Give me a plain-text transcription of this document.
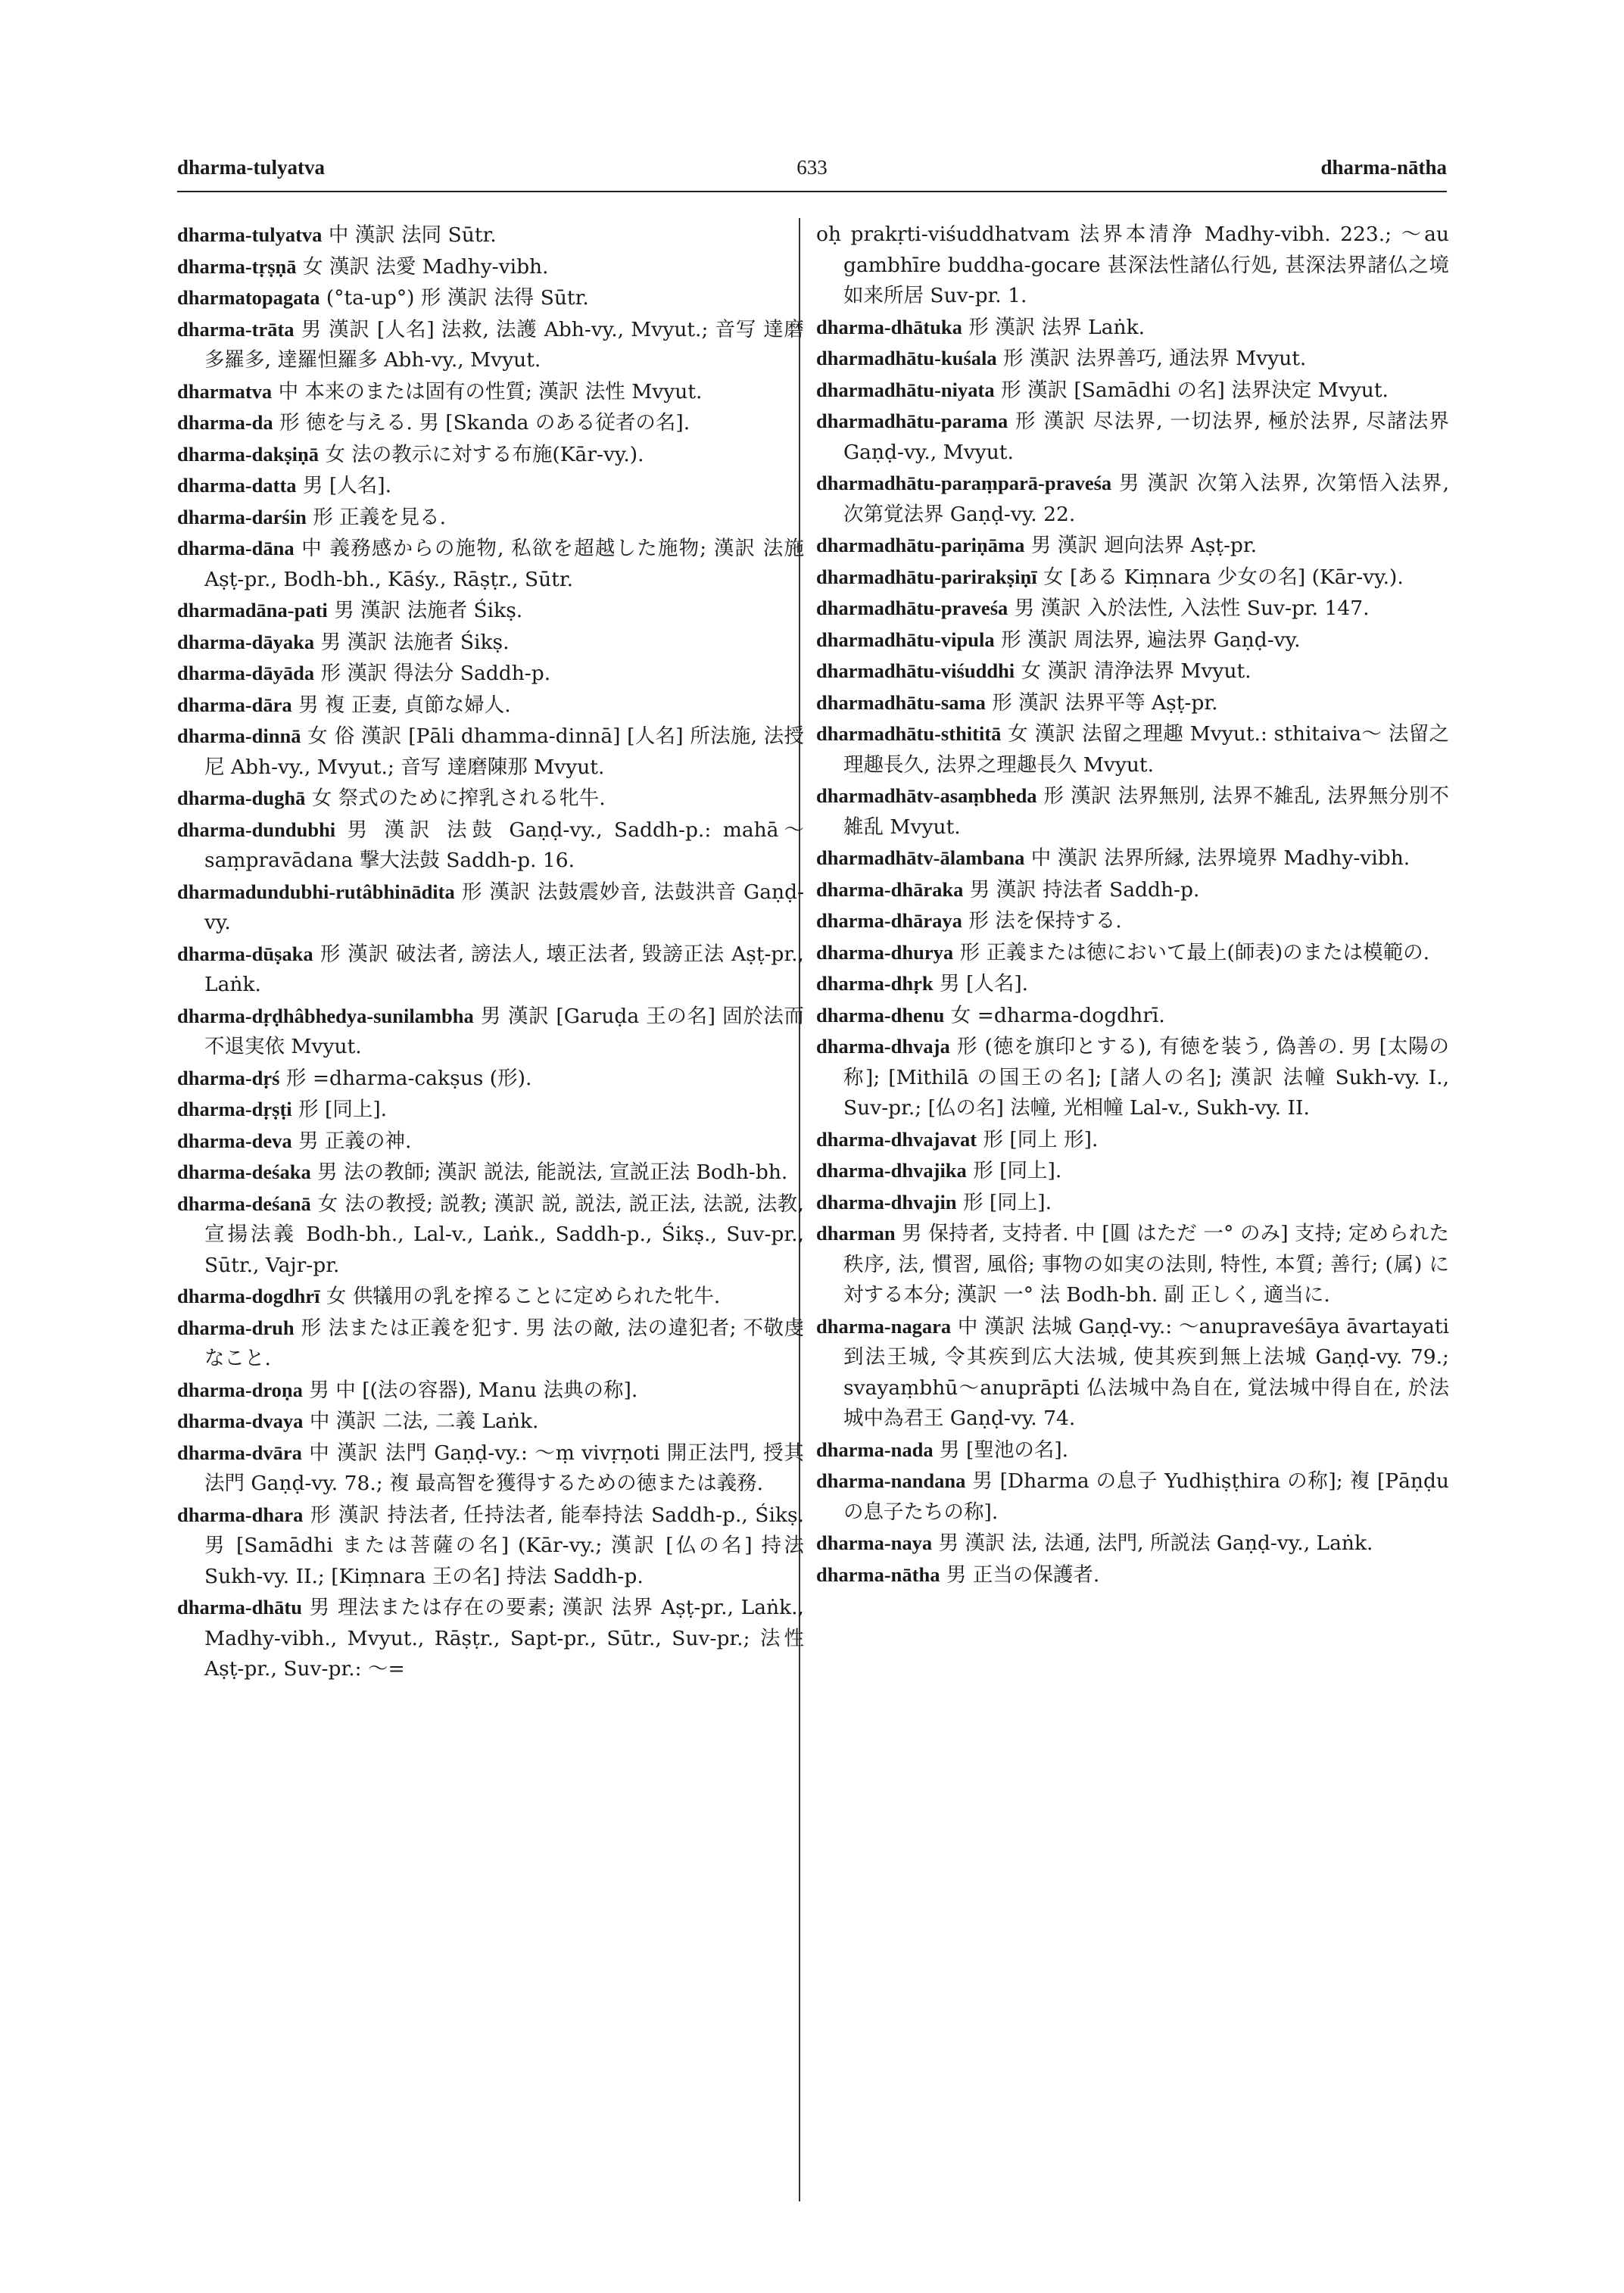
dharma-tulyatva	633	dharma-nātha

dharma-tulyatva 中 漢訳 法同 Sūtr.

dharma-tṛṣṇā 女 漢訳 法愛 Madhy-vibh.

dharmatopagata (°ta-up°) 形 漢訳 法得 Sūtr.

dharma-trāta 男 漢訳 [人名] 法救, 法護 Abh-vy., Mvyut.; 音写 達磨多羅多, 達羅怛羅多 Abh-vy., Mvyut.

dharmatva 中 本来のまたは固有の性質; 漢訳 法性 Mvyut.

dharma-da 形 徳を与える. 男 [Skanda のある従者の名].

dharma-dakṣiṇā 女 法の教示に対する布施(Kār-vy.).

dharma-datta 男 [人名].

dharma-darśin 形 正義を見る.

dharma-dāna 中 義務感からの施物, 私欲を超越した施物; 漢訳 法施 Aṣṭ-pr., Bodh-bh., Kāśy., Rāṣṭr., Sūtr.

dharmadāna-pati 男 漢訳 法施者 Śikṣ.

dharma-dāyaka 男 漢訳 法施者 Śikṣ.

dharma-dāyāda 形 漢訳 得法分 Saddh-p.

dharma-dāra 男 複 正妻, 貞節な婦人.

dharma-dinnā 女 俗 漢訳 [Pāli dhamma-dinnā] [人名] 所法施, 法授尼 Abh-vy., Mvyut.; 音写 達磨陳那 Mvyut.

dharma-dughā 女 祭式のために搾乳される牝牛.

dharma-dundubhi 男 漢訳 法鼓 Gaṇḍ-vy., Saddh-p.: mahā～saṃpravādana 撃大法鼓 Saddh-p. 16.

dharmadundubhi-rutâbhinādita 形 漢訳 法鼓震妙音, 法鼓洪音 Gaṇḍ-vy.

dharma-dūṣaka 形 漢訳 破法者, 謗法人, 壊正法者, 毀謗正法 Aṣṭ-pr., Laṅk.

dharma-dṛḍhâbhedya-sunilambha 男 漢訳 [Garuḍa 王の名] 固於法而不退実依 Mvyut.

dharma-dṛś 形 =dharma-cakṣus (形).

dharma-dṛṣṭi 形 [同上].

dharma-deva 男 正義の神.

dharma-deśaka 男 法の教師; 漢訳 説法, 能説法, 宣説正法 Bodh-bh.

dharma-deśanā 女 法の教授; 説教; 漢訳 説, 説法, 説正法, 法説, 法教, 宣揚法義 Bodh-bh., Lal-v., Laṅk., Saddh-p., Śikṣ., Suv-pr., Sūtr., Vajr-pr.

dharma-dogdhrī 女 供犠用の乳を搾ることに定められた牝牛.

dharma-druh 形 法または正義を犯す. 男 法の敵, 法の違犯者; 不敬虔なこと.

dharma-droṇa 男 中 [(法の容器), Manu 法典の称].

dharma-dvaya 中 漢訳 二法, 二義 Laṅk.

dharma-dvāra 中 漢訳 法門 Gaṇḍ-vy.: ～ṃ vivṛṇoti 開正法門, 授其法門 Gaṇḍ-vy. 78.; 複 最高智を獲得するための徳または義務.

dharma-dhara 形 漢訳 持法者, 任持法者, 能奉持法 Saddh-p., Śikṣ. 男 [Samādhi または菩薩の名] (Kār-vy.; 漢訳 [仏の名] 持法 Sukh-vy. II.; [Kiṃnara 王の名] 持法 Saddh-p.

dharma-dhātu 男 理法または存在の要素; 漢訳 法界 Aṣṭ-pr., Laṅk., Madhy-vibh., Mvyut., Rāṣṭr., Sapt-pr., Sūtr., Suv-pr.; 法性 Aṣṭ-pr., Suv-pr.: ～=

oḥ prakṛti-viśuddhatvam 法界本清浄 Madhy-vibh. 223.; ～au gambhīre buddha-gocare 甚深法性諸仏行処, 甚深法界諸仏之境如来所居 Suv-pr. 1.

dharma-dhātuka 形 漢訳 法界 Laṅk.

dharmadhātu-kuśala 形 漢訳 法界善巧, 通法界 Mvyut.

dharmadhātu-niyata 形 漢訳 [Samādhi の名] 法界決定 Mvyut.

dharmadhātu-parama 形 漢訳 尽法界, 一切法界, 極於法界, 尽諸法界 Gaṇḍ-vy., Mvyut.

dharmadhātu-paraṃparā-praveśa 男 漢訳 次第入法界, 次第悟入法界, 次第覚法界 Gaṇḍ-vy. 22.

dharmadhātu-pariṇāma 男 漢訳 迴向法界 Aṣṭ-pr.

dharmadhātu-parirakṣiṇī 女 [ある Kiṃnara 少女の名] (Kār-vy.).

dharmadhātu-praveśa 男 漢訳 入於法性, 入法性 Suv-pr. 147.

dharmadhātu-vipula 形 漢訳 周法界, 遍法界 Gaṇḍ-vy.

dharmadhātu-viśuddhi 女 漢訳 清浄法界 Mvyut.

dharmadhātu-sama 形 漢訳 法界平等 Aṣṭ-pr.

dharmadhātu-sthititā 女 漢訳 法留之理趣 Mvyut.: sthitaiva～ 法留之理趣長久, 法界之理趣長久 Mvyut.

dharmadhātv-asaṃbheda 形 漢訳 法界無別, 法界不雑乱, 法界無分別不雑乱 Mvyut.

dharmadhātv-ālambana 中 漢訳 法界所縁, 法界境界 Madhy-vibh.

dharma-dhāraka 男 漢訳 持法者 Saddh-p.

dharma-dhāraya 形 法を保持する.

dharma-dhurya 形 正義または徳において最上(師表)のまたは模範の.

dharma-dhṛk 男 [人名].

dharma-dhenu 女 =dharma-dogdhrī.

dharma-dhvaja 形 (徳を旗印とする), 有徳を装う, 偽善の. 男 [太陽の称]; [Mithilā の国王の名]; [諸人の名]; 漢訳 法幢 Sukh-vy. I., Suv-pr.; [仏の名] 法幢, 光相幢 Lal-v., Sukh-vy. II.

dharma-dhvajavat 形 [同上 形].

dharma-dhvajika 形 [同上].

dharma-dhvajin 形 [同上].

dharman 男 保持者, 支持者. 中 [圓 はただ 一° のみ] 支持; 定められた秩序, 法, 慣習, 風俗; 事物の如実の法則, 特性, 本質; 善行; (属) に対する本分; 漢訳 一° 法 Bodh-bh. 副 正しく, 適当に.

dharma-nagara 中 漢訳 法城 Gaṇḍ-vy.: ～anupraveśāya āvartayati 到法王城, 令其疾到広大法城, 使其疾到無上法城 Gaṇḍ-vy. 79.; svayaṃbhū～anuprāpti 仏法城中為自在, 覚法城中得自在, 於法城中為君王 Gaṇḍ-vy. 74.

dharma-nada 男 [聖池の名].

dharma-nandana 男 [Dharma の息子 Yudhiṣṭhira の称]; 複 [Pāṇḍu の息子たちの称].

dharma-naya 男 漢訳 法, 法通, 法門, 所説法 Gaṇḍ-vy., Laṅk.

dharma-nātha 男 正当の保護者.
